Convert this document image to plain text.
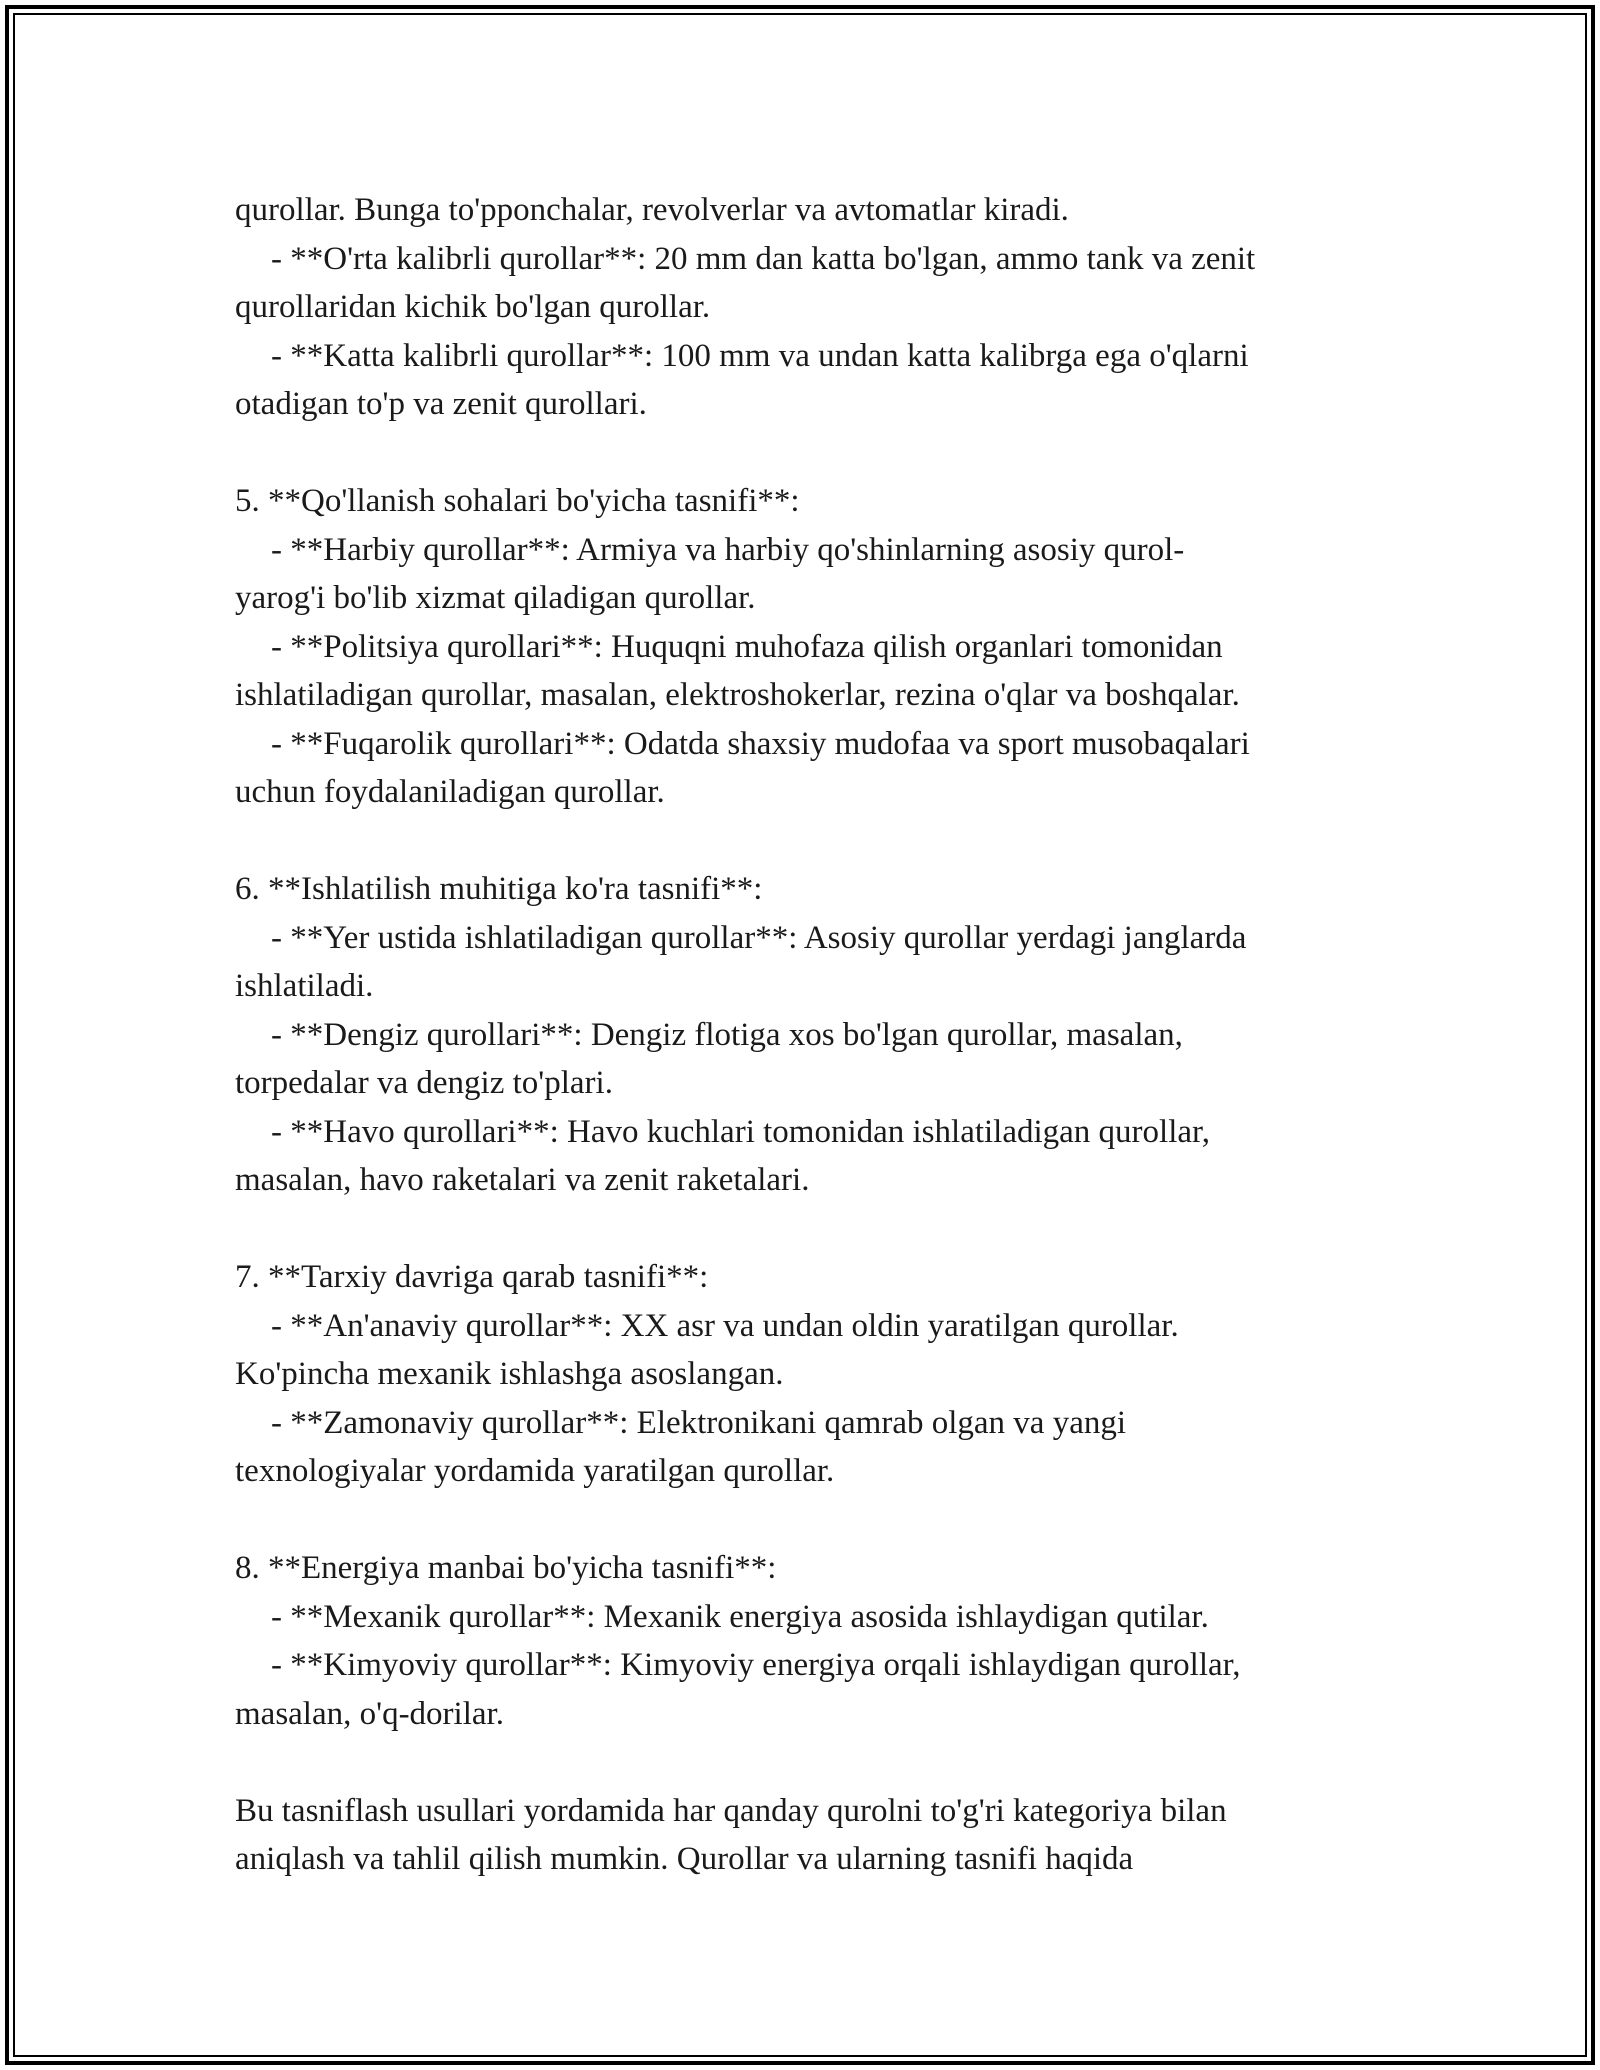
qurollar. Bunga to'pponchalar, revolverlar va avtomatlar kiradi.
- **O'rta kalibrli qurollar**: 20 mm dan katta bo'lgan, ammo tank va zenit
qurollaridan kichik bo'lgan qurollar.
- **Katta kalibrli qurollar**: 100 mm va undan katta kalibrga ega o'qlarni
otadigan to'p va zenit qurollari.
5. **Qo'llanish sohalari bo'yicha tasnifi**:
- **Harbiy qurollar**: Armiya va harbiy qo'shinlarning asosiy qurol-
yarog'i bo'lib xizmat qiladigan qurollar.
- **Politsiya qurollari**: Huquqni muhofaza qilish organlari tomonidan
ishlatiladigan qurollar, masalan, elektroshokerlar, rezina o'qlar va boshqalar.
- **Fuqarolik qurollari**: Odatda shaxsiy mudofaa va sport musobaqalari
uchun foydalaniladigan qurollar.
6. **Ishlatilish muhitiga ko'ra tasnifi**:
- **Yer ustida ishlatiladigan qurollar**: Asosiy qurollar yerdagi janglarda
ishlatiladi.
- **Dengiz qurollari**: Dengiz flotiga xos bo'lgan qurollar, masalan,
torpedalar va dengiz to'plari.
- **Havo qurollari**: Havo kuchlari tomonidan ishlatiladigan qurollar,
masalan, havo raketalari va zenit raketalari.
7. **Tarxiy davriga qarab tasnifi**:
- **An'anaviy qurollar**: XX asr va undan oldin yaratilgan qurollar.
Ko'pincha mexanik ishlashga asoslangan.
- **Zamonaviy qurollar**: Elektronikani qamrab olgan va yangi
texnologiyalar yordamida yaratilgan qurollar.
8. **Energiya manbai bo'yicha tasnifi**:
- **Mexanik qurollar**: Mexanik energiya asosida ishlaydigan qutilar.
- **Kimyoviy qurollar**: Kimyoviy energiya orqali ishlaydigan qurollar,
masalan, o'q-dorilar.
Bu tasniflash usullari yordamida har qanday qurolni to'g'ri kategoriya bilan
aniqlash va tahlil qilish mumkin. Qurollar va ularning tasnifi haqida
